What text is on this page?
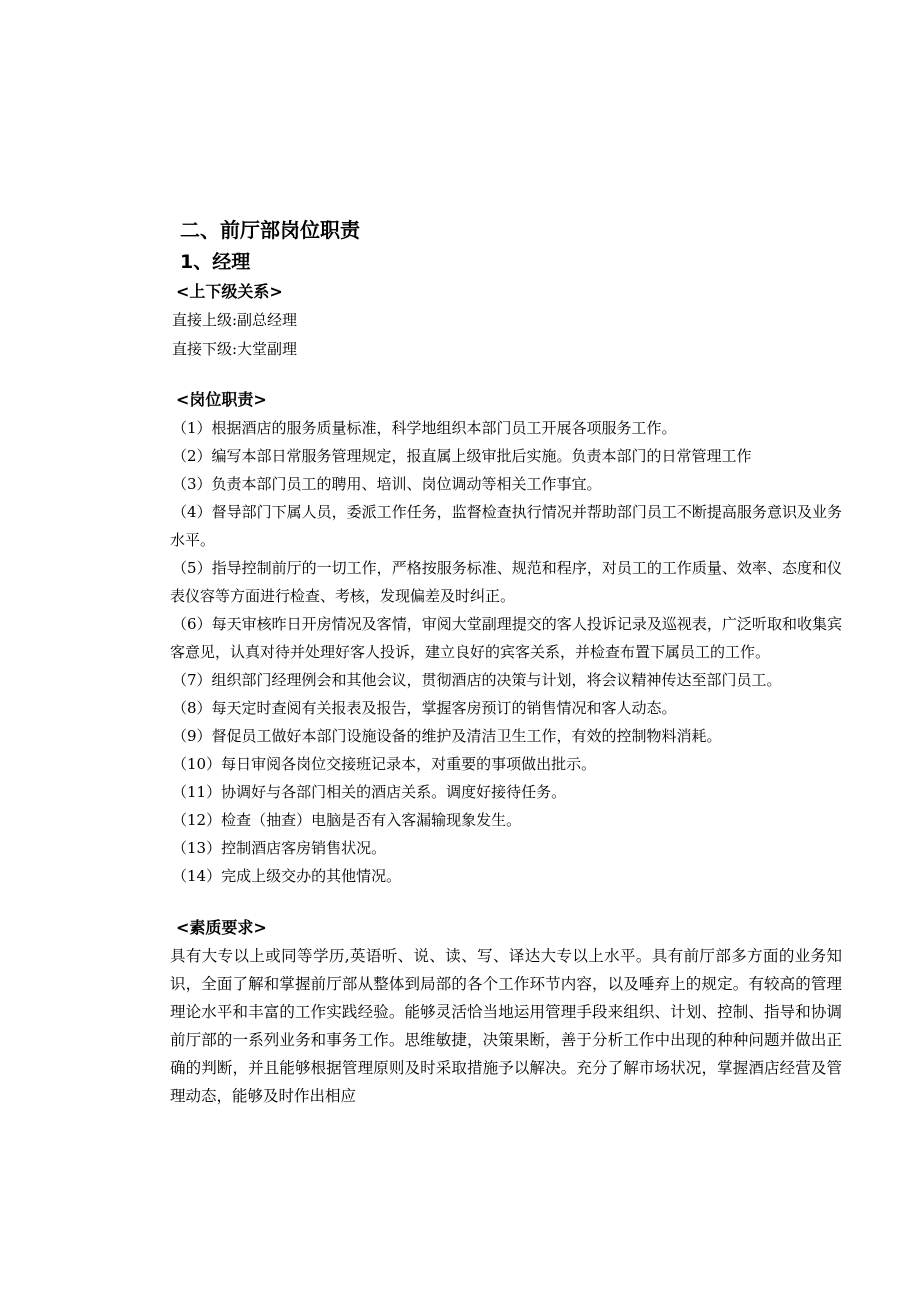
二、前厅部岗位职责
1、经理
<上下级关系>
直接上级:副总经理
直接下级:大堂副理
<岗位职责>
（1）根据酒店的服务质量标准，科学地组织本部门员工开展各项服务工作。
（2）编写本部日常服务管理规定，报直属上级审批后实施。负责本部门的日常管理工作
（3）负责本部门员工的聘用、培训、岗位调动等相关工作事宜。
（4）督导部门下属人员，委派工作任务，监督检查执行情况并帮助部门员工不断提高服务意识及业务水平。
（5）指导控制前厅的一切工作，严格按服务标准、规范和程序，对员工的工作质量、效率、态度和仪表仪容等方面进行检查、考核，发现偏差及时纠正。
（6）每天审核昨日开房情况及客情，审阅大堂副理提交的客人投诉记录及巡视表，广泛听取和收集宾客意见，认真对待并处理好客人投诉，建立良好的宾客关系，并检查布置下属员工的工作。
（7）组织部门经理例会和其他会议，贯彻酒店的决策与计划，将会议精神传达至部门员工。
（8）每天定时查阅有关报表及报告，掌握客房预订的销售情况和客人动态。
（9）督促员工做好本部门设施设备的维护及清洁卫生工作，有效的控制物料消耗。
（10）每日审阅各岗位交接班记录本，对重要的事项做出批示。
（11）协调好与各部门相关的酒店关系。调度好接待任务。
（12）检查（抽查）电脑是否有入客漏输现象发生。
（13）控制酒店客房销售状况。
（14）完成上级交办的其他情况。
<素质要求>

具有大专以上或同等学历,英语听、说、读、写、译达大专以上水平。具有前厅部多方面的业务知识，全面了解和掌握前厅部从整体到局部的各个工作环节内容，以及唾弃上的规定。有较高的管理理论水平和丰富的工作实践经验。能够灵活恰当地运用管理手段来组织、计划、控制、指导和协调前厅部的一系列业务和事务工作。思维敏捷，决策果断，善于分析工作中出现的种种问题并做出正确的判断，并且能够根据管理原则及时采取措施予以解决。充分了解市场状况，掌握酒店经营及管理动态，能够及时作出相应
